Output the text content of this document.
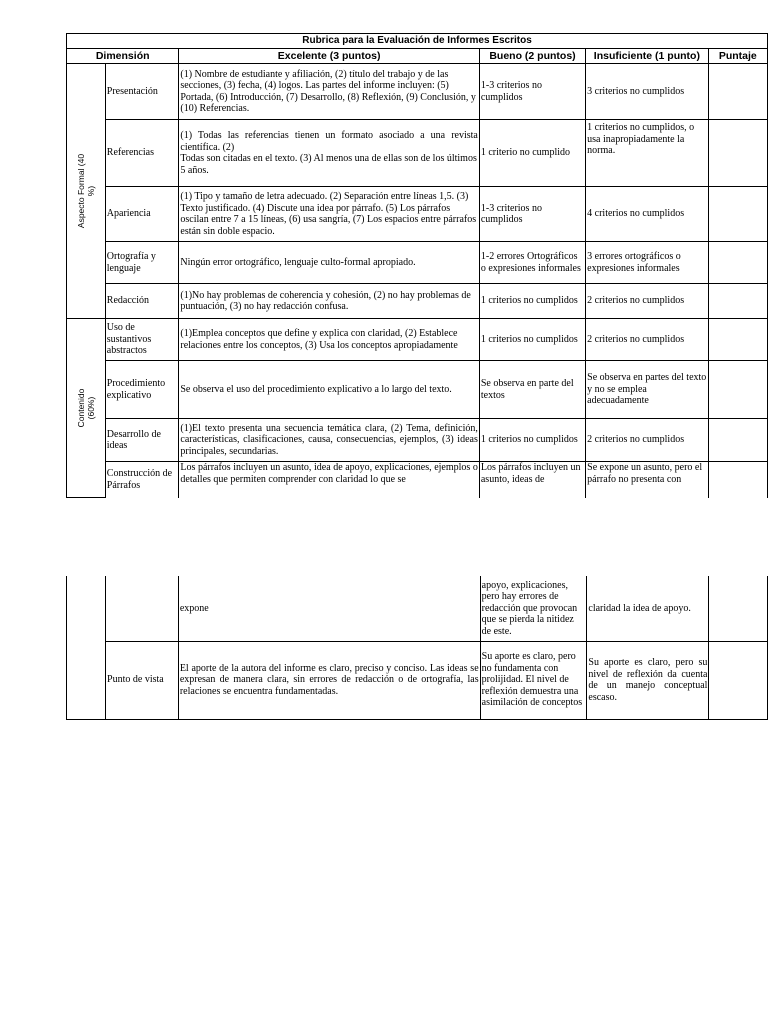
Rubrica para la Evaluación de Informes Escritos					
Dimensión		Excelente (3 puntos)	Bueno (2 puntos)	Insuficiente (1 punto)	Puntaje

Aspecto Formal (40 %)	Presentación	(1) Nombre de estudiante y afiliación, (2) título del trabajo y de las secciones, (3) fecha, (4) logos. Las partes del informe incluyen: (5) Portada, (6) Introducción, (7) Desarrollo, (8) Reflexión, (9) Conclusión, y (10) Referencias.	1-3 criterios no cumplidos	3 criterios no cumplidos	
	Referencias	(1) Todas las referencias tienen un formato asociado a una revista científica. (2)
Todas son citadas en el texto. (3) Al menos una de ellas son de los últimos
5 años.	1 criterio no cumplido	1 criterios no cumplidos, o usa inapropiadamente la norma.	
	Apariencia	(1) Tipo y tamaño de letra adecuado. (2) Separación entre líneas 1,5. (3) Texto justificado. (4) Discute una idea por párrafo. (5) Los párrafos oscilan entre 7 a 15 líneas, (6) usa sangría, (7) Los espacios entre párrafos están sin doble espacio.	1-3 criterios no cumplidos	4 criterios no cumplidos	
	Ortografía y lenguaje	Ningún error ortográfico, lenguaje culto-formal apropiado.	1-2 errores Ortográficos o expresiones informales	3 errores ortográficos o expresiones informales	
	Redacción	(1)No hay problemas de coherencia y cohesión, (2) no hay problemas de puntuación, (3) no hay redacción confusa.	1 criterios no cumplidos	2 criterios no cumplidos	

Contenido (60%)	Uso de sustantivos abstractos	(1)Emplea conceptos que define y explica con claridad, (2) Establece relaciones entre los conceptos, (3) Usa los conceptos apropiadamente	1 criterios no cumplidos	2 criterios no cumplidos	
	Procedimiento explicativo	Se observa el uso del procedimiento explicativo a lo largo del texto.	Se observa en parte del textos	Se observa en partes del texto y no se emplea adecuadamente	
	Desarrollo de ideas	(1)El texto presenta una secuencia temática clara, (2) Tema, definición, características, clasificaciones, causa, consecuencias, ejemplos, (3) ideas principales, secundarias.	1 criterios no cumplidos	2 criterios no cumplidos	
	Construcción de Párrafos	Los párrafos incluyen un asunto, idea de apoyo, explicaciones, ejemplos o detalles que permiten comprender con claridad lo que se	Los párrafos incluyen un asunto, ideas de	Se expone un asunto, pero el párrafo no presenta con	
		expone	apoyo, explicaciones, pero hay errores de redacción que provocan que se pierda la nitidez de este.	claridad la idea de apoyo.	
	Punto de vista	El aporte de la autora del informe es claro, preciso y conciso. Las ideas se expresan de manera clara, sin errores de redacción o de ortografía, las relaciones se encuentra fundamentadas.	Su aporte es claro, pero no fundamenta con prolijidad. El nivel de reflexión demuestra una asimilación de conceptos	Su aporte es claro, pero su nivel de reflexión da cuenta de un manejo conceptual escaso.	
